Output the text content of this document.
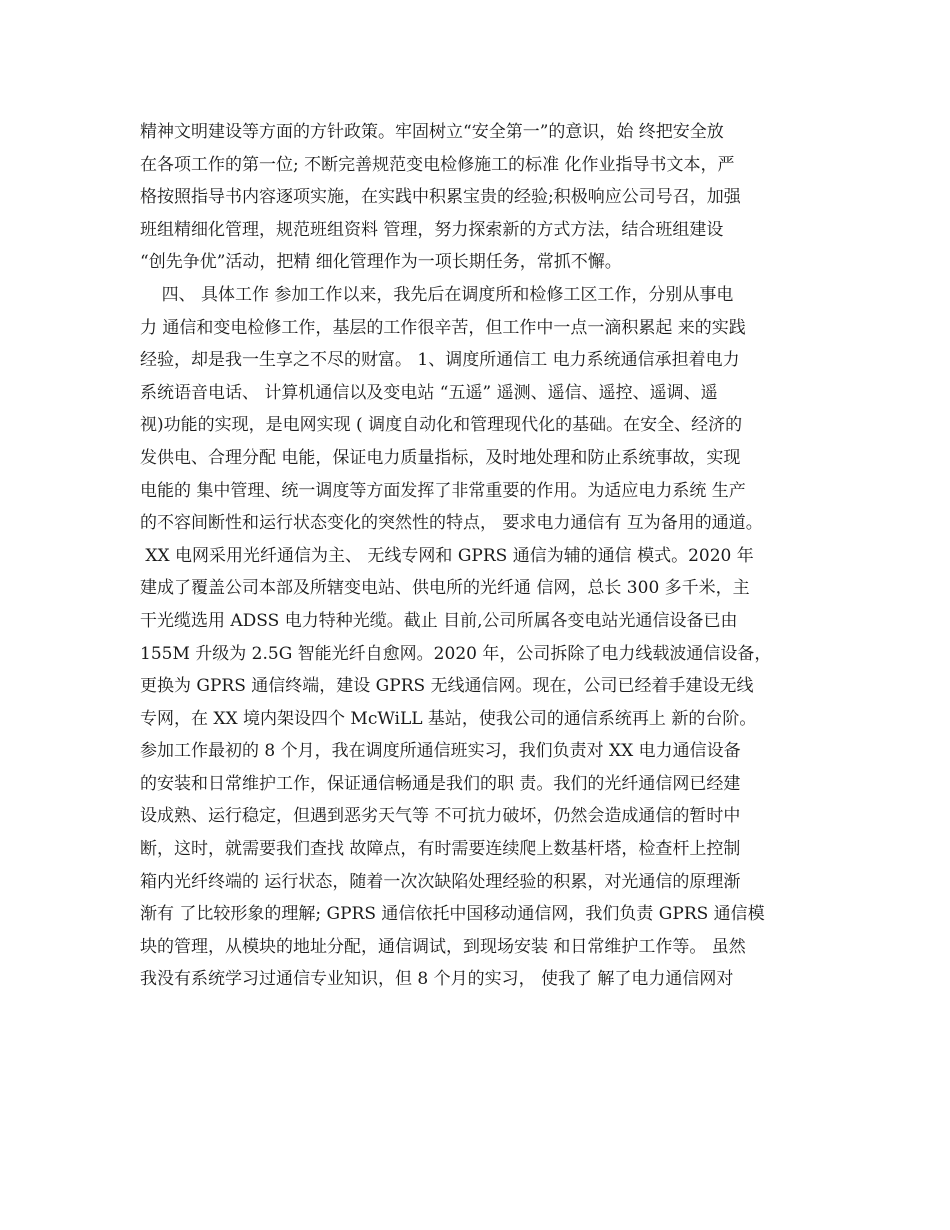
精神文明建设等方面的方针政策。牢固树立“安全第一”的意识，始 终把安全放
在各项工作的第一位; 不断完善规范变电检修施工的标准 化作业指导书文本，严
格按照指导书内容逐项实施，在实践中积累宝贵的经验;积极响应公司号召，加强
班组精细化管理，规范班组资料 管理，努力探索新的方式方法，结合班组建设
“创先争优”活动，把精 细化管理作为一项长期任务，常抓不懈。
四、 具体工作 参加工作以来，我先后在调度所和检修工区工作，分别从事电
力 通信和变电检修工作，基层的工作很辛苦，但工作中一点一滴积累起 来的实践
经验，却是我一生享之不尽的财富。 1、调度所通信工 电力系统通信承担着电力
系统语音电话、 计算机通信以及变电站 “五遥” 遥测、遥信、遥控、遥调、遥
视)功能的实现，是电网实现 ( 调度自动化和管理现代化的基础。在安全、经济的
发供电、合理分配 电能，保证电力质量指标，及时地处理和防止系统事故，实现
电能的 集中管理、统一调度等方面发挥了非常重要的作用。为适应电力系统 生产
的不容间断性和运行状态变化的突然性的特点， 要求电力通信有 互为备用的通道。
XX 电网采用光纤通信为主、 无线专网和 GPRS 通信为辅的通信 模式。2020 年
建成了覆盖公司本部及所辖变电站、供电所的光纤通 信网，总长 300 多千米，主
干光缆选用 ADSS 电力特种光缆。截止 目前,公司所属各变电站光通信设备已由
155M 升级为 2.5G 智能光纤自愈网。2020 年，公司拆除了电力线载波通信设备，
更换为 GPRS 通信终端，建设 GPRS 无线通信网。现在，公司已经着手建设无线
专网，在 XX 境内架设四个 McWiLL 基站，使我公司的通信系统再上 新的台阶。
参加工作最初的 8 个月，我在调度所通信班实习，我们负责对 XX 电力通信设备
的安装和日常维护工作，保证通信畅通是我们的职 责。我们的光纤通信网已经建
设成熟、运行稳定，但遇到恶劣天气等 不可抗力破坏，仍然会造成通信的暂时中
断，这时，就需要我们查找 故障点，有时需要连续爬上数基杆塔，检查杆上控制
箱内光纤终端的 运行状态，随着一次次缺陷处理经验的积累，对光通信的原理渐
渐有 了比较形象的理解; GPRS 通信依托中国移动通信网，我们负责 GPRS 通信模
块的管理，从模块的地址分配，通信调试，到现场安装 和日常维护工作等。 虽然
我没有系统学习过通信专业知识，但 8 个月的实习， 使我了 解了电力通信网对
